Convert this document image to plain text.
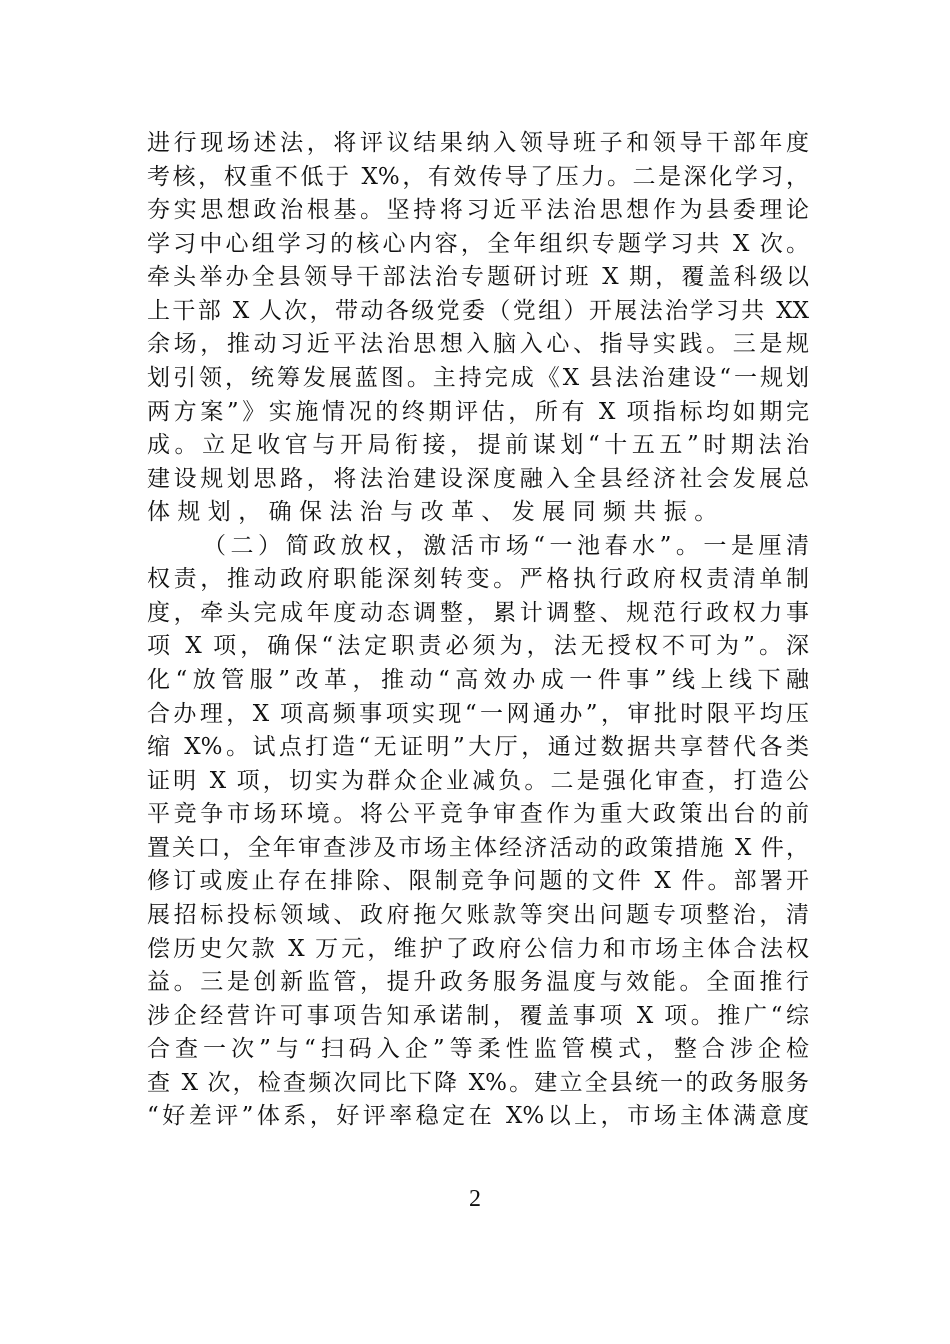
进行现场述法，将评议结果纳入领导班子和领导干部年度
考核，权重不低于 X%，有效传导了压力。二是深化学习，
夯实思想政治根基。坚持将习近平法治思想作为县委理论
学习中心组学习的核心内容，全年组织专题学习共 X 次。
牵头举办全县领导干部法治专题研讨班 X 期，覆盖科级以
上干部 X 人次，带动各级党委（党组）开展法治学习共 XX
余场，推动习近平法治思想入脑入心、指导实践。三是规
划引领，统筹发展蓝图。主持完成《X 县法治建设“一规划
两方案”》实施情况的终期评估，所有 X 项指标均如期完
成。立足收官与开局衔接，提前谋划“十五五”时期法治
建设规划思路，将法治建设深度融入全县经济社会发展总
体规划，确保法治与改革、发展同频共振。
（二）简政放权，激活市场“一池春水”。一是厘清
权责，推动政府职能深刻转变。严格执行政府权责清单制
度，牵头完成年度动态调整，累计调整、规范行政权力事
项 X 项，确保“法定职责必须为，法无授权不可为”。深
化“放管服”改革，推动“高效办成一件事”线上线下融
合办理，X 项高频事项实现“一网通办”，审批时限平均压
缩 X%。试点打造“无证明”大厅，通过数据共享替代各类
证明 X 项，切实为群众企业减负。二是强化审查，打造公
平竞争市场环境。将公平竞争审查作为重大政策出台的前
置关口，全年审查涉及市场主体经济活动的政策措施 X 件，
修订或废止存在排除、限制竞争问题的文件 X 件。部署开
展招标投标领域、政府拖欠账款等突出问题专项整治，清
偿历史欠款 X 万元，维护了政府公信力和市场主体合法权
益。三是创新监管，提升政务服务温度与效能。全面推行
涉企经营许可事项告知承诺制，覆盖事项 X 项。推广“综
合查一次”与“扫码入企”等柔性监管模式，整合涉企检
查 X 次，检查频次同比下降 X%。建立全县统一的政务服务
“好差评”体系，好评率稳定在 X%以上，市场主体满意度
2
